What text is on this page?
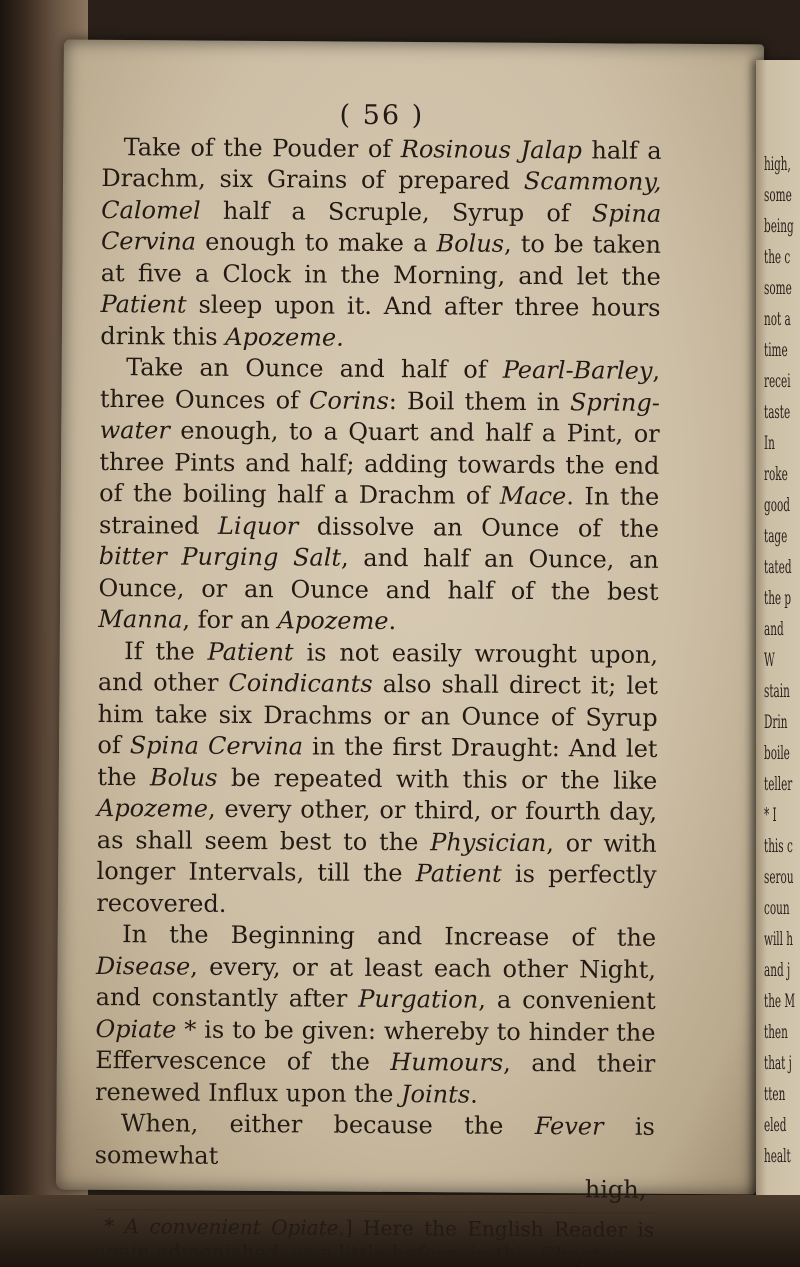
high,
some
being
the c
some
not a
time
recei
taste
In
roke
good
tage
tated
the p
and
W
stain
Drin
boile
teller
* I
this c
serou
coun
will h
and j
the M
then
that j
tten
eled
healt
( 56 )

Take of the Pouder of Rosinous Jalap half a Drachm, six Grains of prepared Scammony, Calomel half a Scruple, Syrup of Spina Cervina enough to make a Bolus, to be taken at five a Clock in the Morning, and let the Patient sleep upon it. And after three hours drink this Apozeme.

Take an Ounce and half of Pearl-Barley, three Ounces of Corins: Boil them in Spring-water enough, to a Quart and half a Pint, or three Pints and half; adding towards the end of the boiling half a Drachm of Mace. In the strained Liquor dissolve an Ounce of the bitter Purging Salt, and half an Ounce, an Ounce, or an Ounce and half of the best Manna, for an Apozeme.

If the Patient is not easily wrought upon, and other Coindicants also shall direct it; let him take six Drachms or an Ounce of Syrup of Spina Cervina in the first Draught: And let the Bolus be repeated with this or the like Apozeme, every other, or third, or fourth day, as shall seem best to the Physician, or with longer Intervals, till the Patient is perfectly recovered.

In the Beginning and Increase of the Disease, every, or at least each other Night, and constantly after Purgation, a convenient Opiate * is to be given: whereby to hinder the Effervescence of the Humours, and their renewed Influx upon the Joints.

When, either because the Fever is somewhat

high,

* A convenient Opiate.] Here the English Reader is again admonished, as a little before, in this Chapter.
